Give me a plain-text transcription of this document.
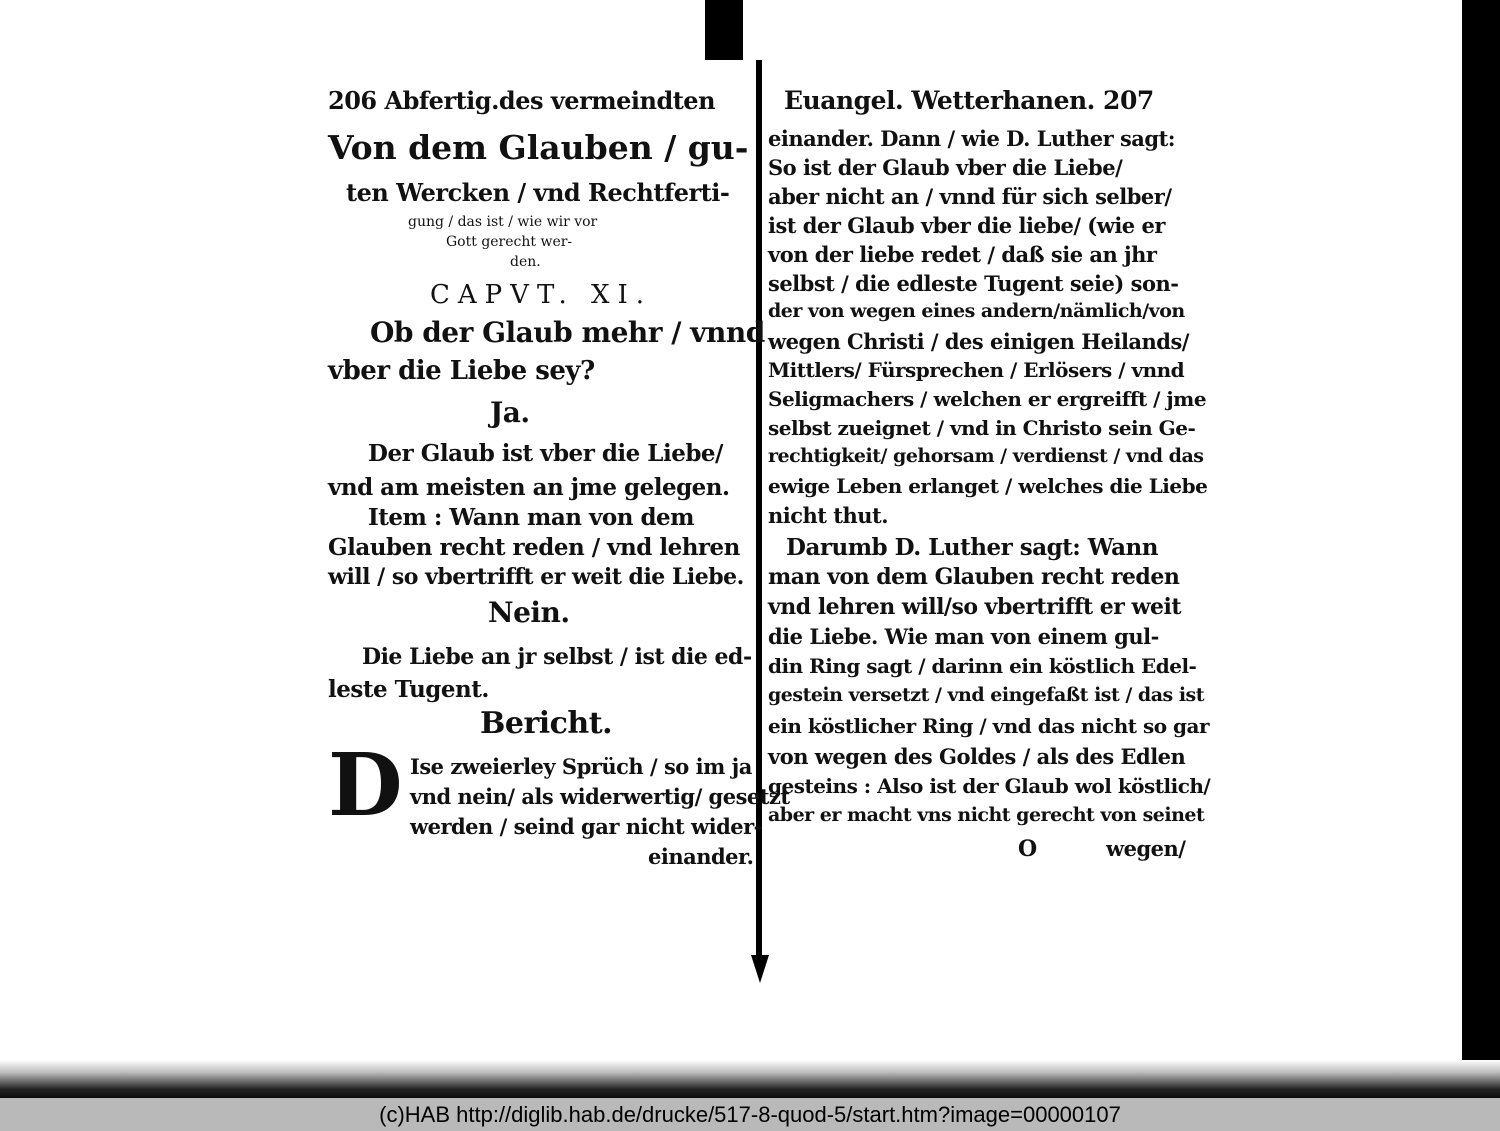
206 Abfertig.des vermeindten
Von dem Glauben / gu-
ten Wercken / vnd Rechtferti-
gung / das ist / wie wir vor
Gott gerecht wer-
den.
CAPVT. XI.
Ob der Glaub mehr / vnnd
vber die Liebe sey?
Ja.
Der Glaub ist vber die Liebe/
vnd am meisten an jme gelegen.
Item : Wann man von dem
Glauben recht reden / vnd lehren
will / so vbertrifft er weit die Liebe.
Nein.
Die Liebe an jr selbst / ist die ed-
leste Tugent.
Bericht.
D Ise zweierley Sprüch / so im ja
vnd nein/ als widerwertig/ gesetzt
werden / seind gar nicht wider-
einander.
Euangel. Wetterhanen. 207
einander. Dann / wie D. Luther sagt:
So ist der Glaub vber die Liebe/
aber nicht an / vnnd für sich selber/
ist der Glaub vber die liebe/ (wie er
von der liebe redet / daß sie an jhr
selbst / die edleste Tugent seie) son-
der von wegen eines andern/nämlich/von
wegen Christi / des einigen Heilands/
Mittlers/ Fürsprechen / Erlösers / vnnd
Seligmachers / welchen er ergreifft / jme
selbst zueignet / vnd in Christo sein Ge-
rechtigkeit/ gehorsam / verdienst / vnd das
ewige Leben erlanget / welches die Liebe
nicht thut.
Darumb D. Luther sagt: Wann
man von dem Glauben recht reden
vnd lehren will/so vbertrifft er weit
die Liebe. Wie man von einem gul-
din Ring sagt / darinn ein köstlich Edel-
gestein versetzt / vnd eingefaßt ist / das ist
ein köstlicher Ring / vnd das nicht so gar
von wegen des Goldes / als des Edlen
gesteins : Also ist der Glaub wol köstlich/
aber er macht vns nicht gerecht von seinet
O	wegen/
(c)HAB http://diglib.hab.de/drucke/517-8-quod-5/start.htm?image=00000107
